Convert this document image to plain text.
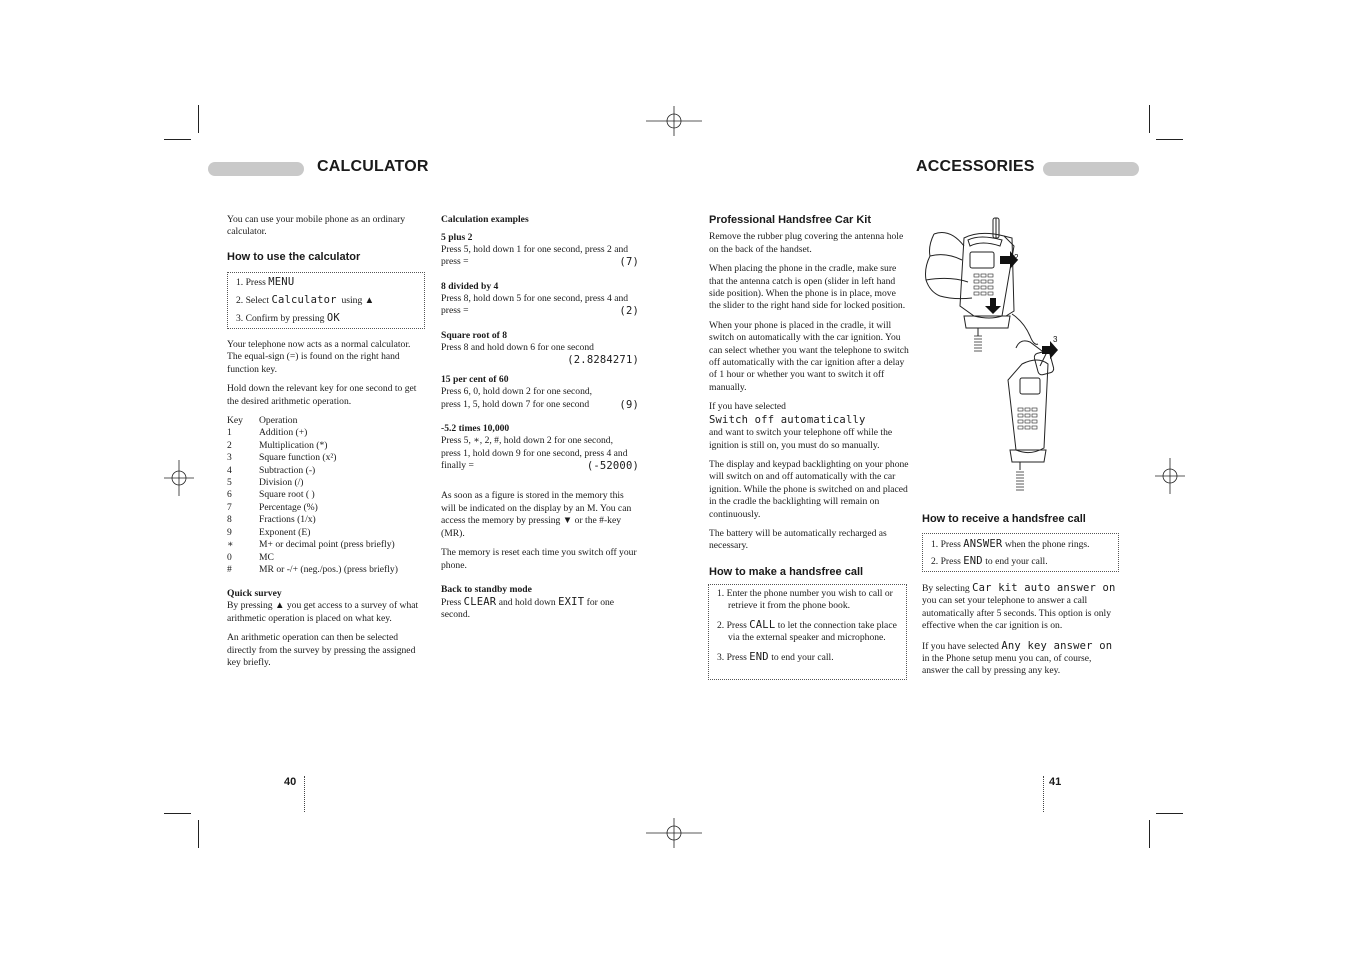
CALCULATOR

You can use your mobile phone as an ordinary calculator.

How to use the calculator
1. Press MENU
2. Select Calculator using ▲
3. Confirm by pressing OK

Your telephone now acts as a normal calculator. The equal-sign (=) is found on the right hand function key.

Hold down the relevant key for one second to get the desired arithmetic operation.

Key	Operation
1	Addition (+)
2	Multiplication (*)
3	Square function (x²)
4	Subtraction (-)
5	Division (/)
6	Square root ( )
7	Percentage (%)
8	Fractions (1/x)
9	Exponent (E)
∗	M+ or decimal point (press briefly)
0	MC
#	MR or -/+ (neg./pos.) (press briefly)
Quick survey

By pressing ▲ you get access to a survey of what arithmetic operation is placed on what key.

An arithmetic operation can then be selected directly from the survey by pressing the assigned key briefly.

Calculation examples
5 plus 2
Press 5, hold down 1 for one second, press 2 and
press =	(7)
8 divided by 4
Press 8, hold down 5 for one second, press 4 and
press =	(2)
Square root of 8
Press 8 and hold down 6 for one second
(2.8284271)
15 per cent of 60
Press 6, 0, hold down 2 for one second,
press 1, 5, hold down 7 for one second	(9)
-5.2 times 10,000
Press 5, ∗, 2, #, hold down 2 for one second,
press 1, hold down 9 for one second, press 4 and
finally =	(-52000)

As soon as a figure is stored in the memory this will be indicated on the display by an M. You can access the memory by pressing ▼ or the #-key (MR).

The memory is reset each time you switch off your phone.

Back to standby mode

Press CLEAR and hold down EXIT for one second.

40
ACCESSORIES
Professional Handsfree Car Kit

Remove the rubber plug covering the antenna hole on the back of the handset.

When placing the phone in the cradle, make sure that the antenna catch is open (slider in left hand side position). When the phone is in place, move the slider to the right hand side for locked position.

When your phone is placed in the cradle, it will switch on automatically with the car ignition. You can select whether you want the telephone to switch off automatically with the car ignition after a delay of 1 hour or whether you want to switch it off manually.

If you have selected
Switch off automatically
and want to switch your telephone off while the ignition is still on, you must do so manually.

The display and keypad backlighting on your phone will switch on and off automatically with the car ignition. While the phone is switched on and placed in the cradle the backlighting will remain on continuously.

The battery will be automatically recharged as necessary.

How to make a handsfree call
1. Enter the phone number you wish to call or retrieve it from the phone book.
2. Press CALL to let the connection take place via the external speaker and microphone.
3. Press END to end your call.
2
3
How to receive a handsfree call
1. Press ANSWER when the phone rings.
2. Press END to end your call.

By selecting Car kit auto answer on you can set your telephone to answer a call automatically after 5 seconds. This option is only effective when the car ignition is on.

If you have selected Any key answer on in the Phone setup menu you can, of course, answer the call by pressing any key.

41
